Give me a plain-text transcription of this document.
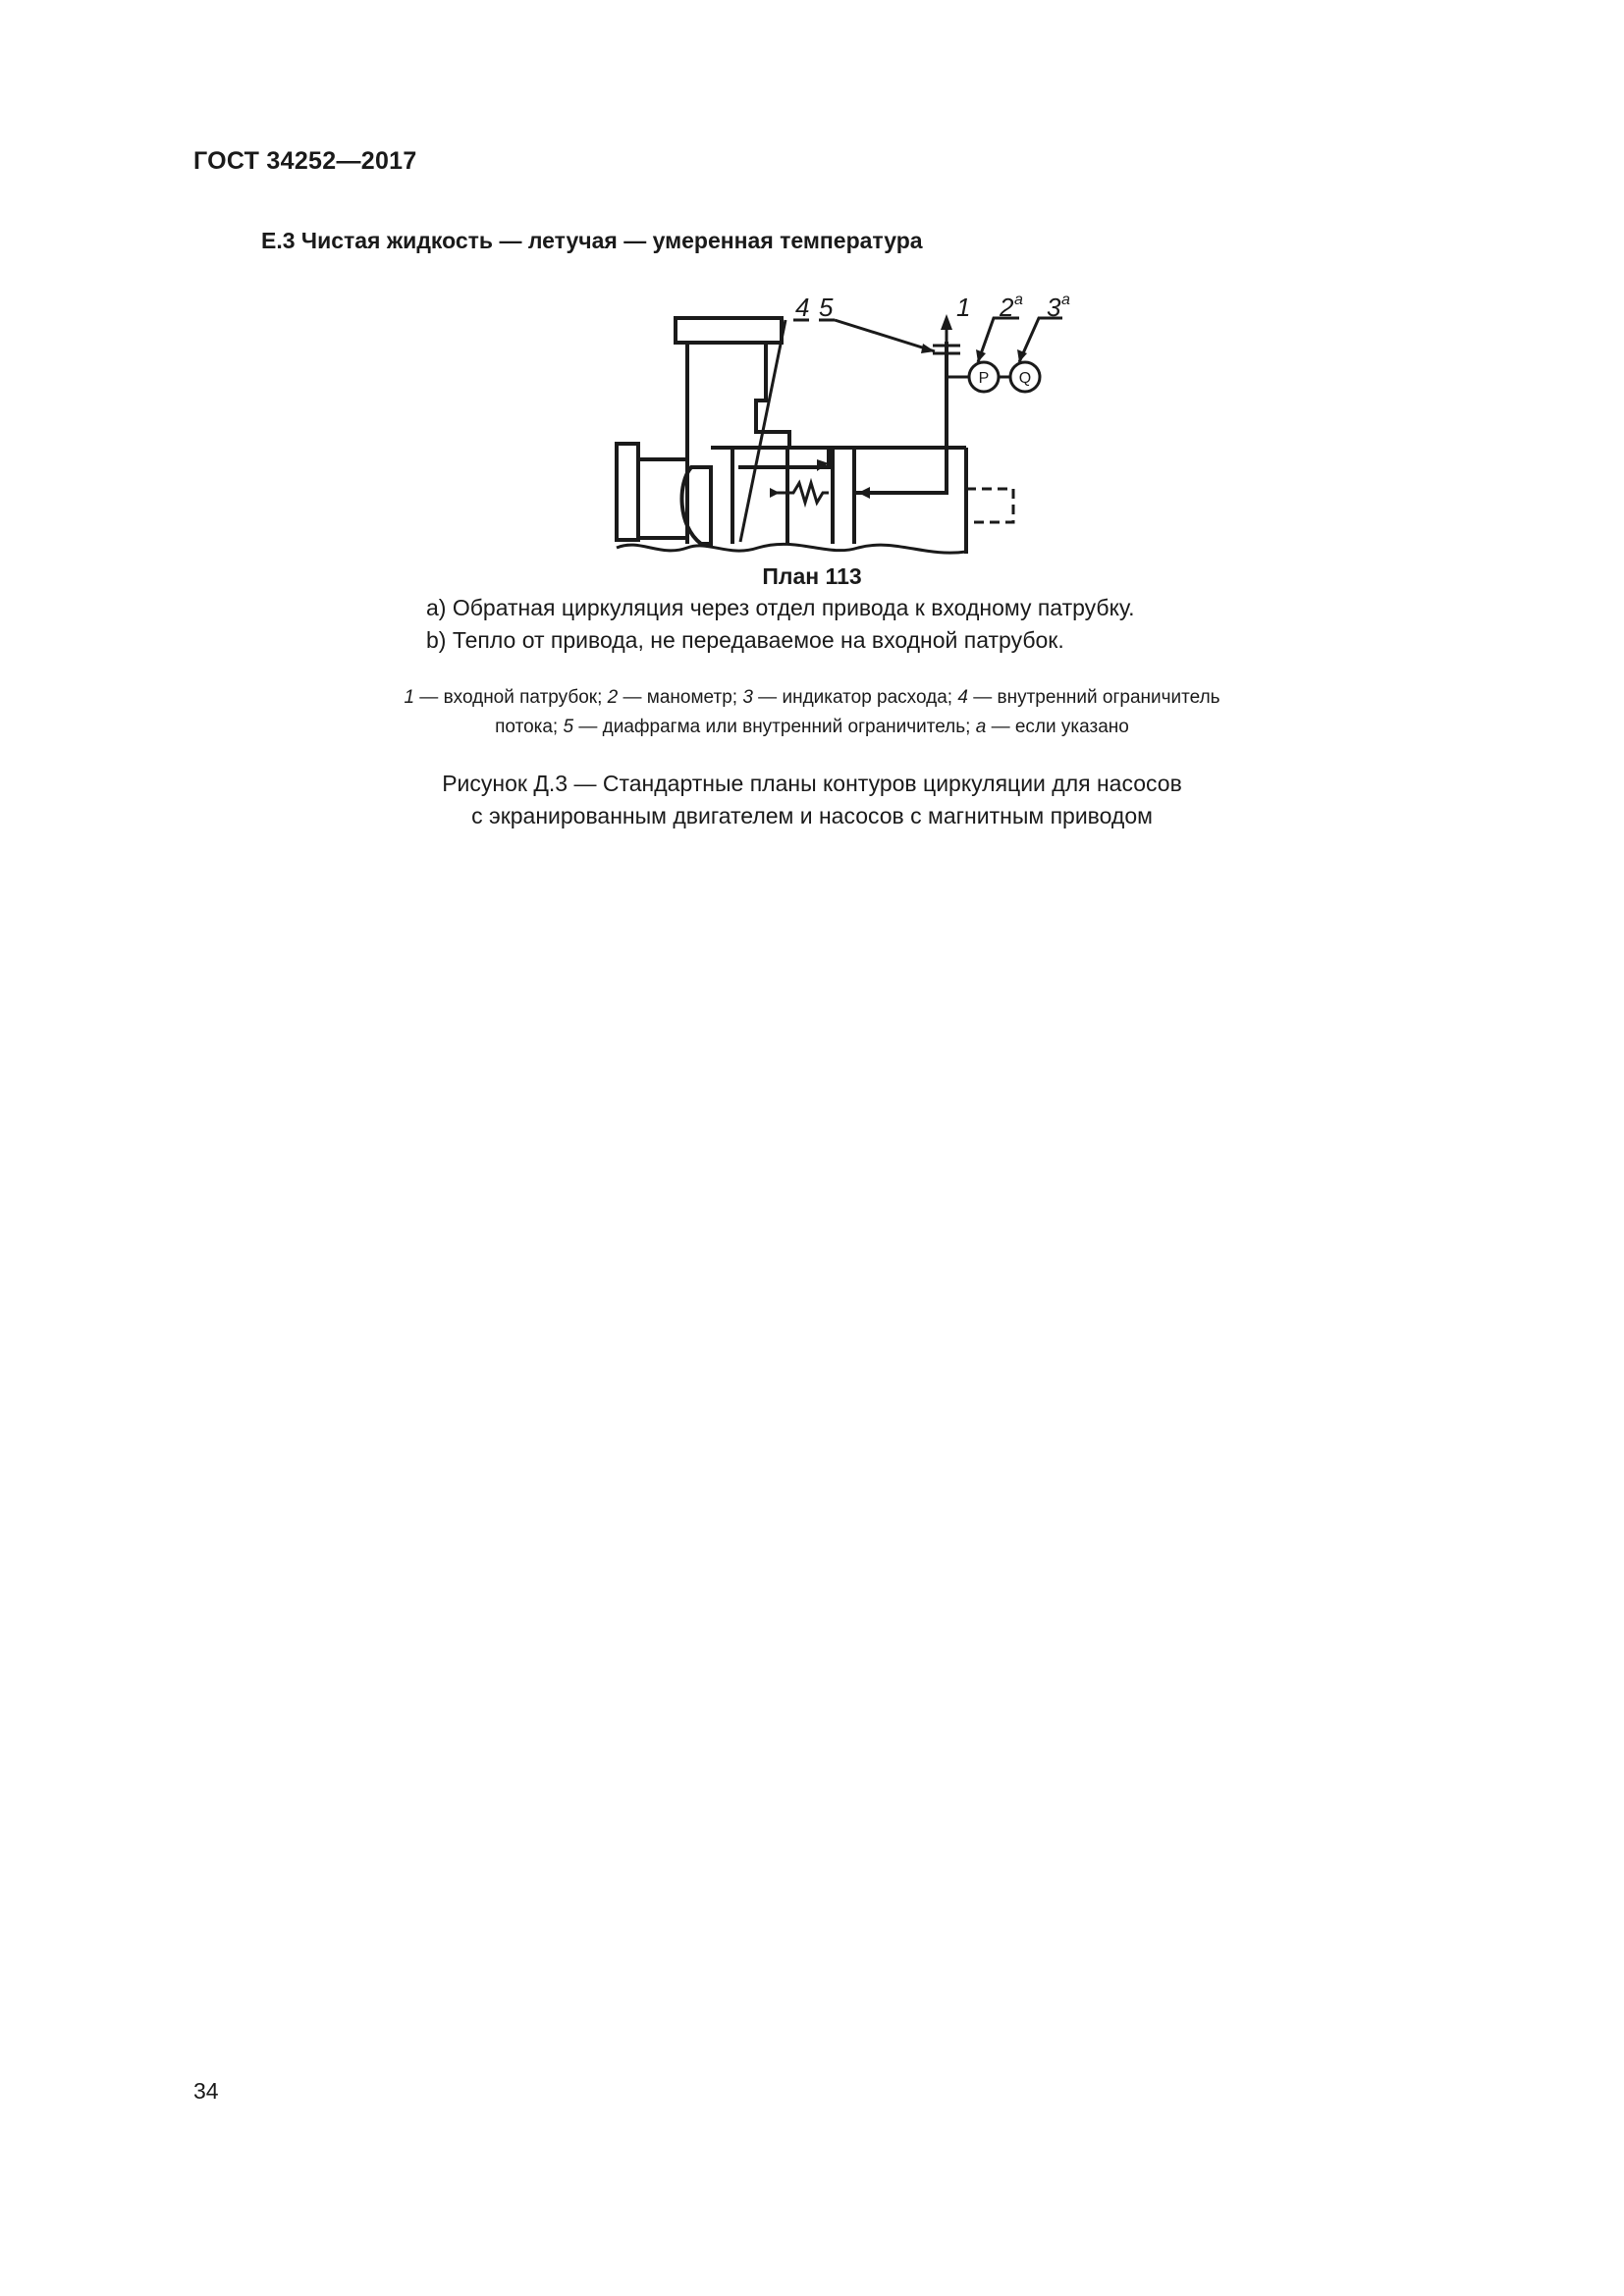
ГОСТ 34252—2017
Е.3 Чистая жидкость — летучая — умеренная температура
4 5	1 2 a 3 a
P Q
План 113
а) Обратная циркуляция через отдел привода к входному патрубку.
b) Тепло от привода, не передаваемое на входной патрубок.
1 — входной патрубок; 2 — манометр; 3 — индикатор расхода; 4 — внутренний ограничитель
потока; 5 — диафрагма или внутренний ограничитель; a — если указано
Рисунок Д.3 — Стандартные планы контуров циркуляции для насосов
с экранированным двигателем и насосов с магнитным приводом
34
